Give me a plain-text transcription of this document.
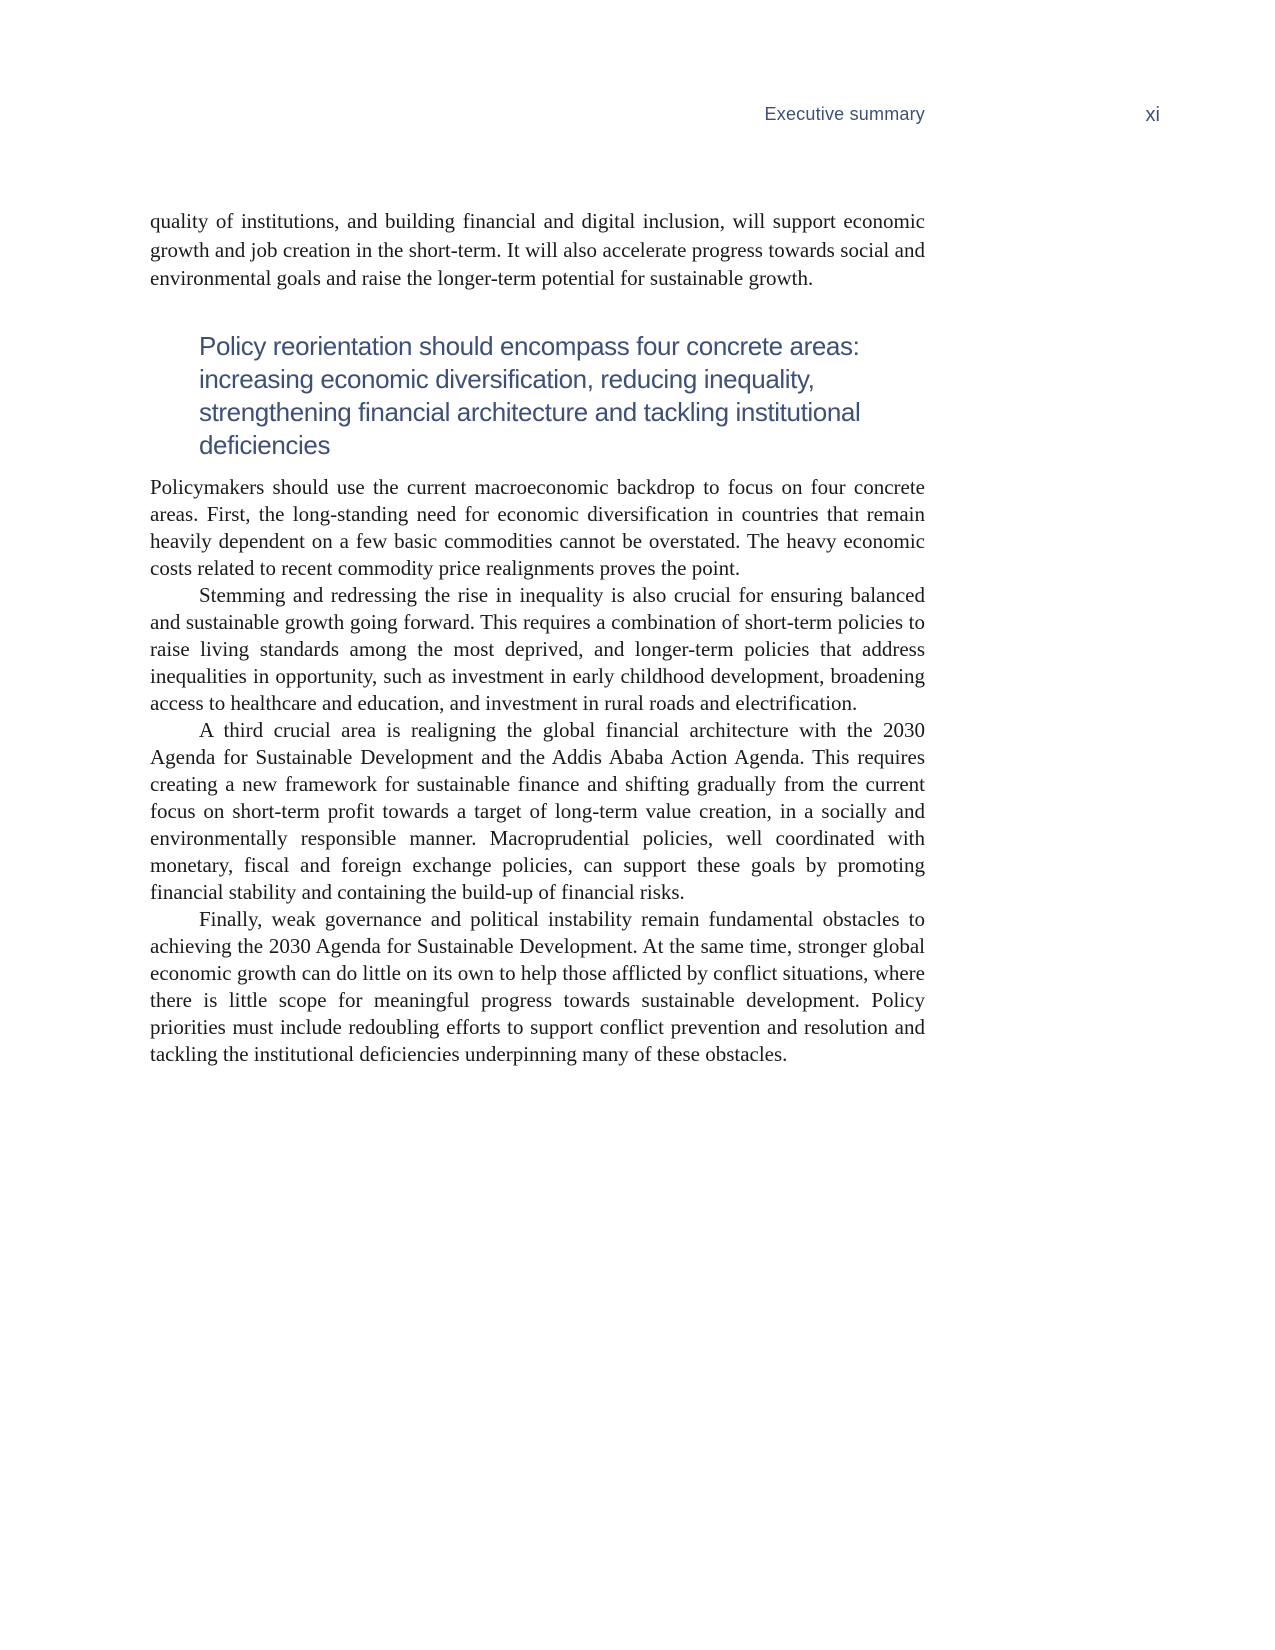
Executive summary	xi

quality of institutions, and building financial and digital inclusion, will support economic growth and job creation in the short-term. It will also accelerate progress towards social and environmental goals and raise the longer-term potential for sustainable growth.

Policy reorientation should encompass four concrete areas: increasing economic diversification, reducing inequality, strengthening financial architecture and tackling institutional deficiencies

Policymakers should use the current macroeconomic backdrop to focus on four concrete areas. First, the long-standing need for economic diversification in countries that remain heavily dependent on a few basic commodities cannot be overstated. The heavy economic costs related to recent commodity price realignments proves the point.

Stemming and redressing the rise in inequality is also crucial for ensuring balanced and sustainable growth going forward. This requires a combination of short-term policies to raise living standards among the most deprived, and longer-term policies that address inequalities in opportunity, such as investment in early childhood development, broadening access to healthcare and education, and investment in rural roads and electrification.

A third crucial area is realigning the global financial architecture with the 2030 Agenda for Sustainable Development and the Addis Ababa Action Agenda. This requires creating a new framework for sustainable finance and shifting gradually from the current focus on short-term profit towards a target of long-term value creation, in a socially and environmentally responsible manner. Macroprudential policies, well coordinated with monetary, fiscal and foreign exchange policies, can support these goals by promoting financial stability and containing the build-up of financial risks.

Finally, weak governance and political instability remain fundamental obstacles to achieving the 2030 Agenda for Sustainable Development. At the same time, stronger global economic growth can do little on its own to help those afflicted by conflict situations, where there is little scope for meaningful progress towards sustainable development. Policy priorities must include redoubling efforts to support conflict prevention and resolution and tackling the institutional deficiencies underpinning many of these obstacles.
